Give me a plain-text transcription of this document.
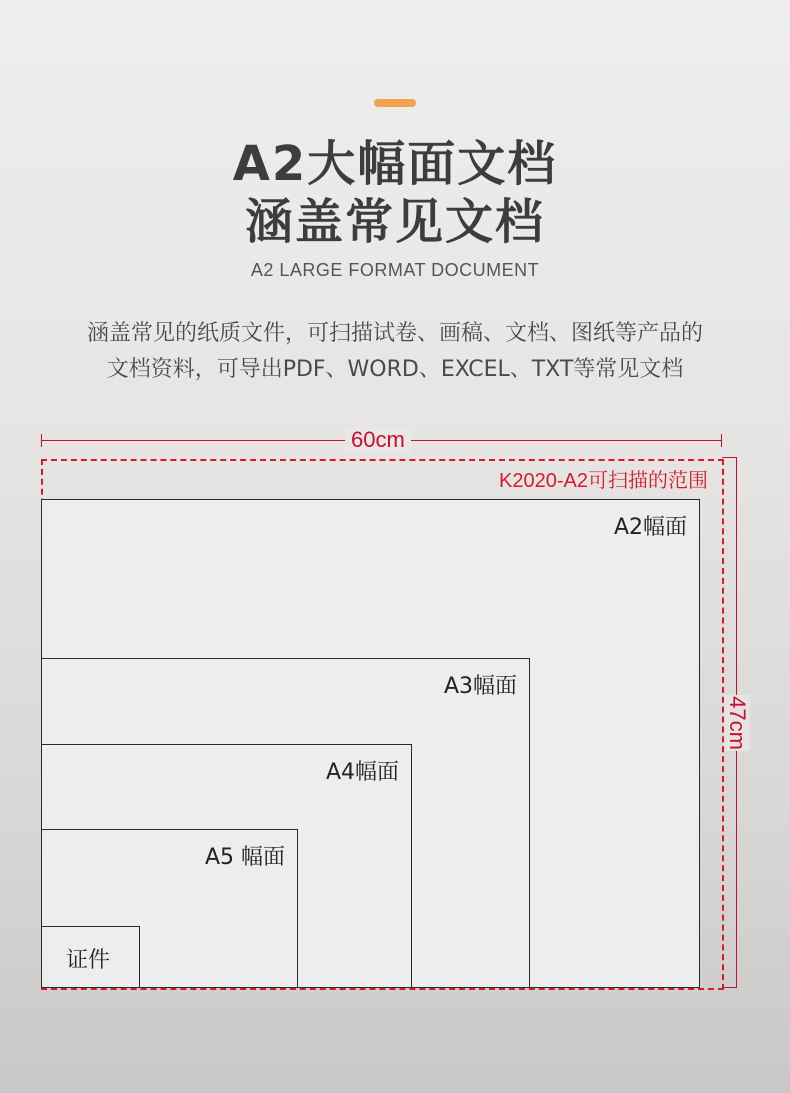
A2大幅面文档
涵盖常见文档
A2 LARGE FORMAT DOCUMENT
涵盖常见的纸质文件，可扫描试卷、画稿、文档、图纸等产品的
文档资料，可导出PDF、WORD、EXCEL、TXT等常见文档
60cm
A2幅面
A3幅面
A4幅面
A5 幅面
证件
K2020-A2可扫描的范围
47cm
